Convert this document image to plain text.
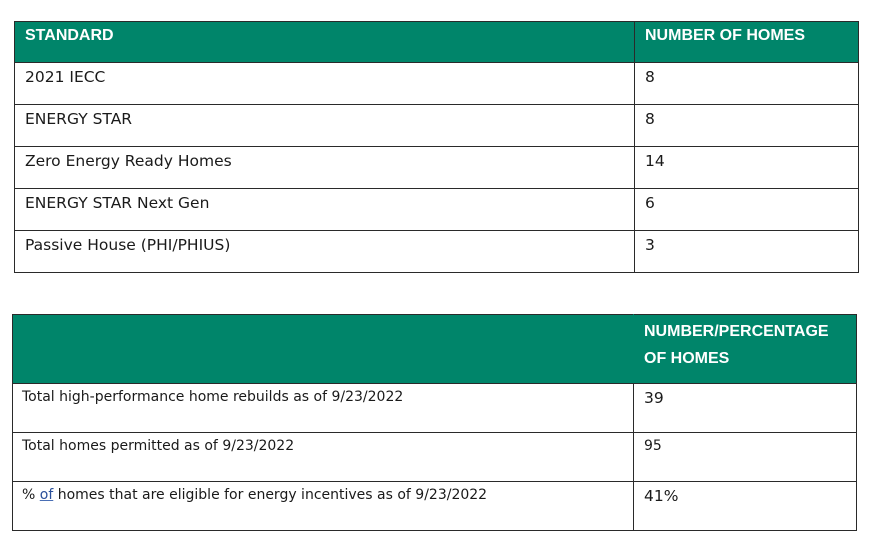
STANDARD	NUMBER OF HOMES
2021 IECC	8
ENERGY STAR	8
Zero Energy Ready Homes	14
ENERGY STAR Next Gen	6
Passive House (PHI/PHIUS)	3
	NUMBER/PERCENTAGE
OF HOMES
Total high-performance home rebuilds as of 9/23/2022	39
Total homes permitted as of 9/23/2022	95
% of homes that are eligible for energy incentives as of 9/23/2022	41%
